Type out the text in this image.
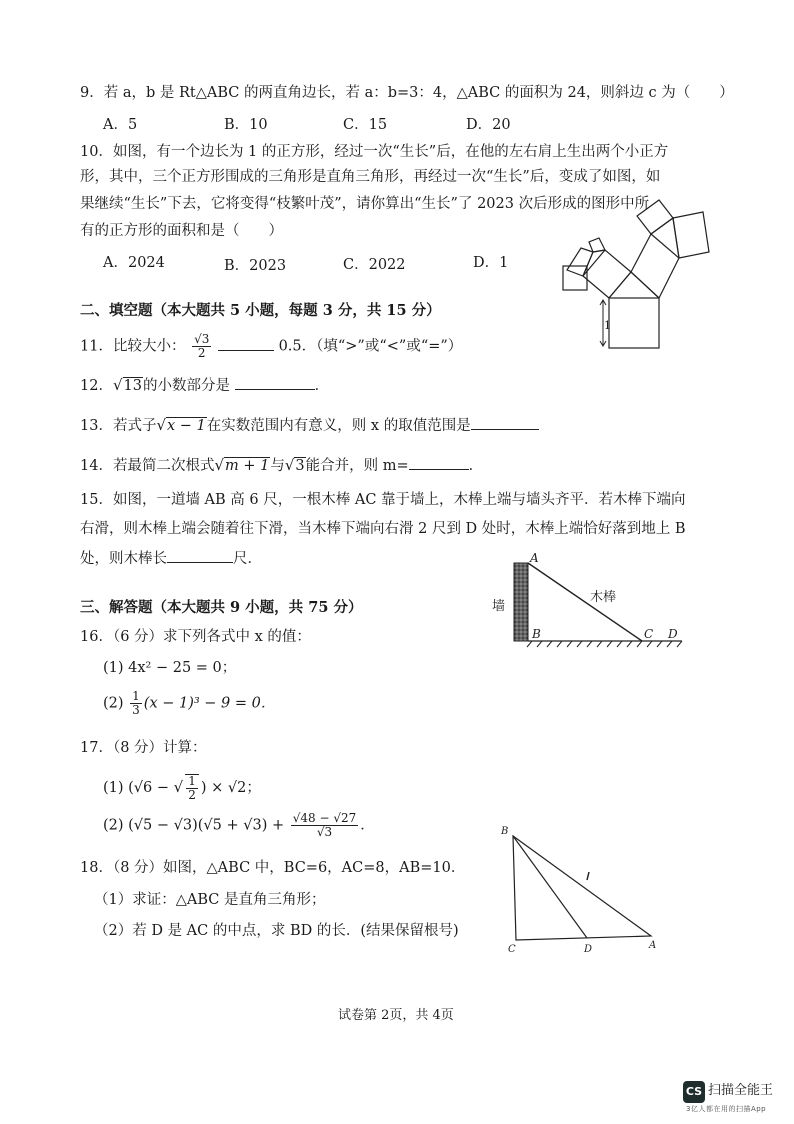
9．若 a，b 是 Rt△ABC 的两直角边长，若 a：b=3：4，△ABC 的面积为 24，则斜边 c 为（　　）
A．5	B．10	C．15	D．20
10．如图，有一个边长为 1 的正方形，经过一次“生长”后，在他的左右肩上生出两个小正方
形，其中，三个正方形围成的三角形是直角三角形，再经过一次“生长”后，变成了如图，如
果继续“生长”下去，它将变得“枝繁叶茂”，请你算出“生长”了 2023 次后形成的图形中所
有的正方形的面积和是（　　）
A．2024	B．2023	C．2022	D．1
1
二、填空题（本大题共 5 小题，每题 3 分，共 15 分）
11．比较大小： $\frac{√3}{2}$	0.5．（填“>”或“<”或“=”）
12．√13的小数部分是	．
13．若式子√x − 1在实数范围内有意义，则 x 的取值范围是
14．若最简二次根式√m + 1与√3能合并，则 m=	．
15．如图，一道墙 AB 高 6 尺，一根木棒 AC 靠于墙上，木棒上端与墙头齐平．若木棒下端向
右滑，则木棒上端会随着往下滑，当木棒下端向右滑 2 尺到 D 处时，木棒上端恰好落到地上 B
处，则木棒长	尺．	A
B	C D
墙
木棒
三、解答题（本大题共 9 小题，共 75 分）
16．（6 分）求下列各式中 x 的值：
(1) 4x² − 25 = 0；
$(2) \frac{1}{3} (x - 1)^3 - 9 = 0$．
17．（8 分）计算：
(1) (√6 − √ $\frac{1}{2}$ ) × √2；
(2) $(√5 - √3)(√5 + √3) + \frac{√48 - √27}{√3}$ ．
18．（8 分）如图，△ABC 中，BC=6，AC=8，AB=10．
（1）求证：△ABC 是直角三角形；
（2）若 D 是 AC 的中点，求 BD 的长．(结果保留根号)
B
C	D	A
试卷第 2页，共 4页
CS 扫描全能王
3亿人都在用的扫描App
